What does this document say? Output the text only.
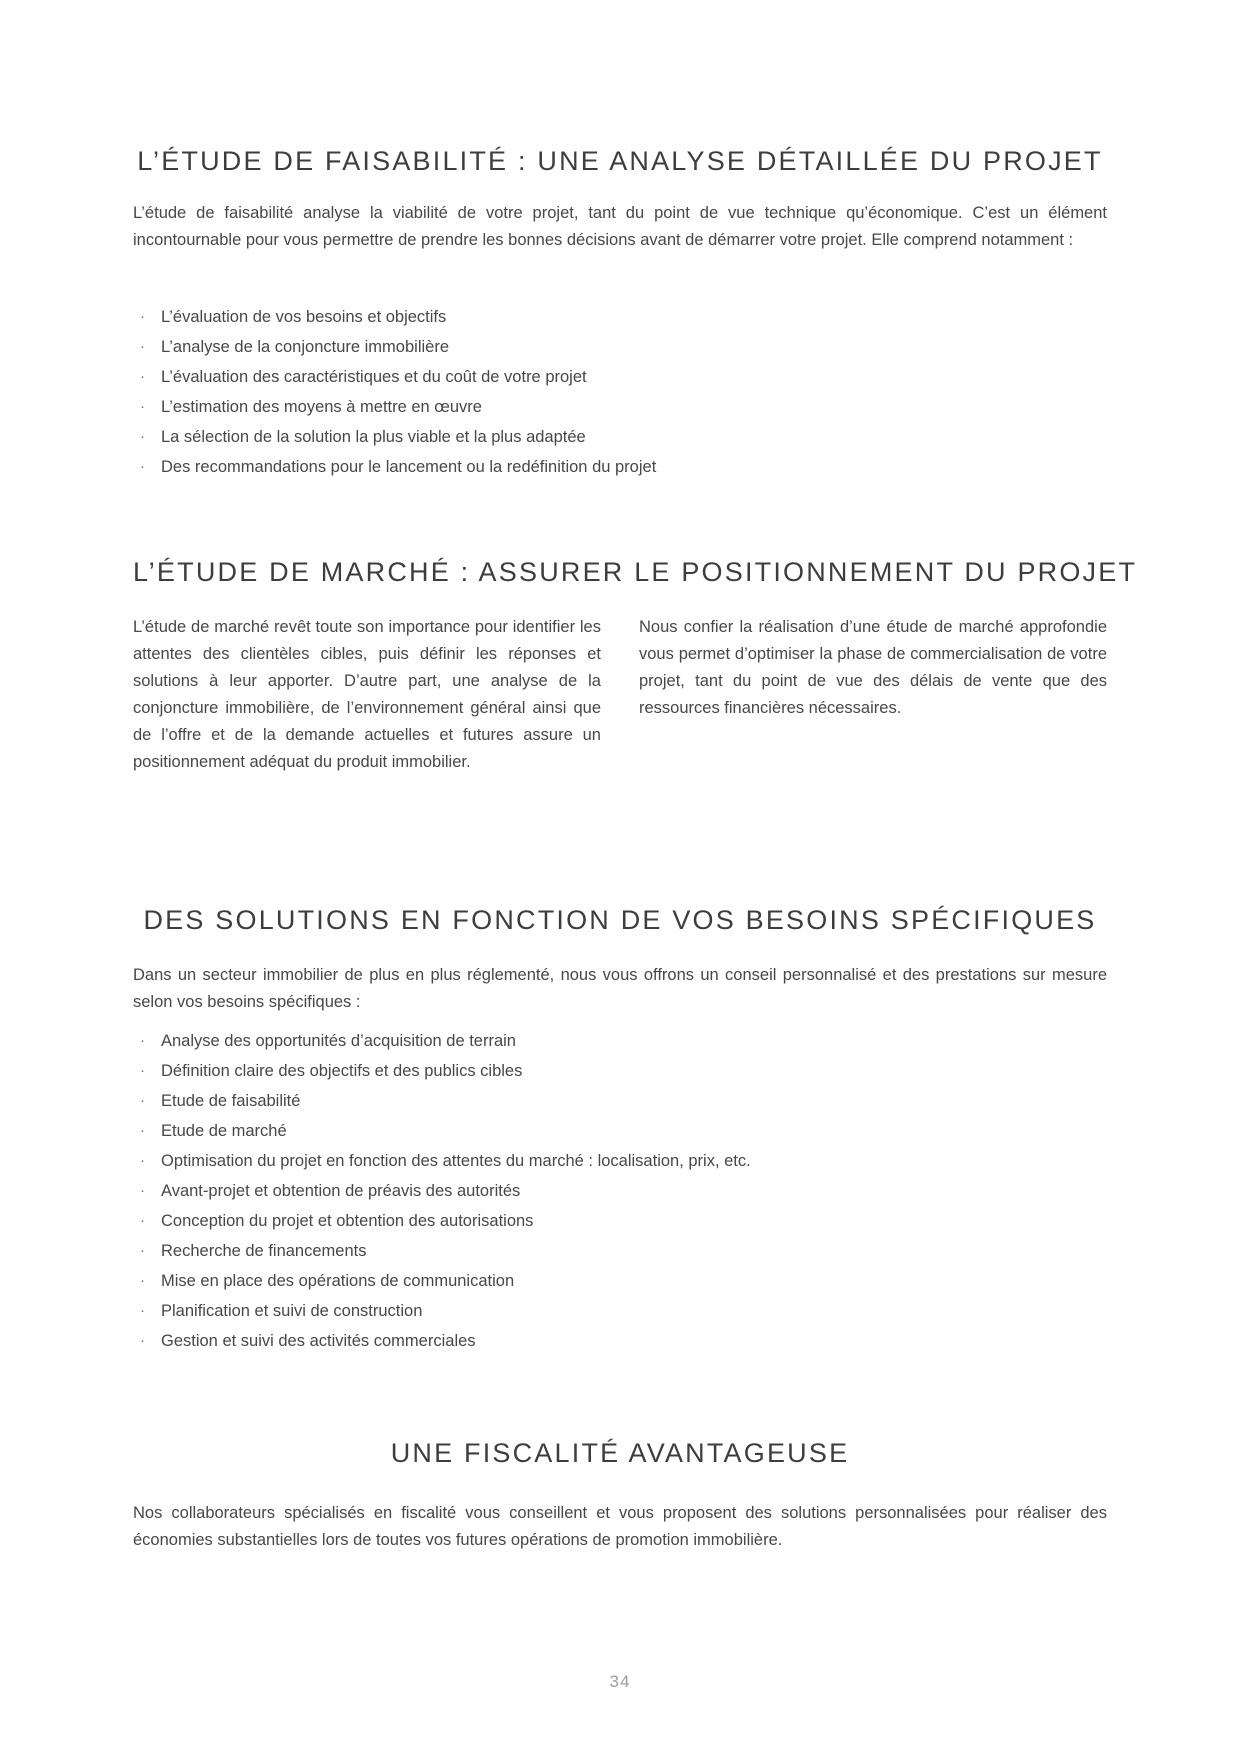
L’ÉTUDE DE FAISABILITÉ : UNE ANALYSE DÉTAILLÉE DU PROJET
L’étude de faisabilité analyse la viabilité de votre projet, tant du point de vue technique qu’économique. C’est un élément incontournable pour vous permettre de prendre les bonnes décisions avant de démarrer votre projet. Elle comprend notamment :
· L’évaluation de vos besoins et objectifs
· L’analyse de la conjoncture immobilière
· L’évaluation des caractéristiques et du coût de votre projet
· L’estimation des moyens à mettre en œuvre
· La sélection de la solution la plus viable et la plus adaptée
· Des recommandations pour le lancement ou la redéfinition du projet
L’ÉTUDE DE MARCHÉ : ASSURER LE POSITIONNEMENT DU PROJET
L’étude de marché revêt toute son importance pour identifier les attentes des clientèles cibles, puis définir les réponses et solutions à leur apporter. D’autre part, une analyse de la conjoncture immobilière, de l’environnement général ainsi que de l’offre et de la demande actuelles et futures assure un positionnement adéquat du produit immobilier.
Nous confier la réalisation d’une étude de marché approfondie vous permet d’optimiser la phase de commercialisation de votre projet, tant du point de vue des délais de vente que des ressources financières nécessaires.
DES SOLUTIONS EN FONCTION DE VOS BESOINS SPÉCIFIQUES
Dans un secteur immobilier de plus en plus réglementé, nous vous offrons un conseil personnalisé et des prestations sur mesure selon vos besoins spécifiques :
· Analyse des opportunités d’acquisition de terrain
· Définition claire des objectifs et des publics cibles
· Etude de faisabilité
· Etude de marché
· Optimisation du projet en fonction des attentes du marché : localisation, prix, etc.
· Avant-projet et obtention de préavis des autorités
· Conception du projet et obtention des autorisations
· Recherche de financements
· Mise en place des opérations de communication
· Planification et suivi de construction
· Gestion et suivi des activités commerciales
UNE FISCALITÉ AVANTAGEUSE
Nos collaborateurs spécialisés en fiscalité vous conseillent et vous proposent des solutions personnalisées pour réaliser des économies substantielles lors de toutes vos futures opérations de promotion immobilière.
34
